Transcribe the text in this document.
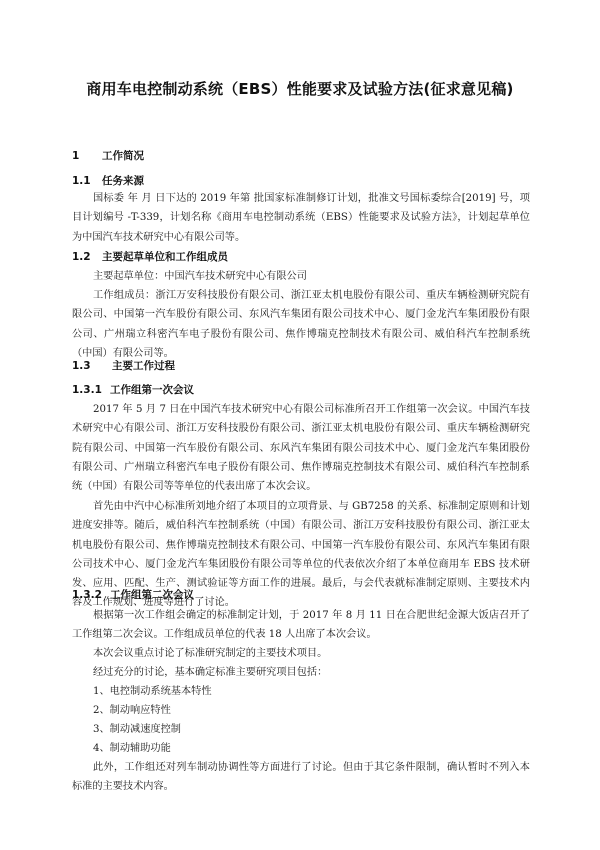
商用车电控制动系统（EBS）性能要求及试验方法(征求意见稿)
1 工作简况
1.1 任务来源
国标委 年 月 日下达的 2019 年第 批国家标准制修订计划，批准文号国标委综合[2019] 号，项目计划编号 -T-339，计划名称《商用车电控制动系统（EBS）性能要求及试验方法》，计划起草单位为中国汽车技术研究中心有限公司等。
1.2 主要起草单位和工作组成员
主要起草单位：中国汽车技术研究中心有限公司
工作组成员：浙江万安科技股份有限公司、浙江亚太机电股份有限公司、重庆车辆检测研究院有限公司、中国第一汽车股份有限公司、东风汽车集团有限公司技术中心、厦门金龙汽车集团股份有限公司、广州瑞立科密汽车电子股份有限公司、焦作博瑞克控制技术有限公司、威伯科汽车控制系统（中国）有限公司等。
1.3 主要工作过程
1.3.1 工作组第一次会议
2017 年 5 月 7 日在中国汽车技术研究中心有限公司标准所召开工作组第一次会议。中国汽车技术研究中心有限公司、浙江万安科技股份有限公司、浙江亚太机电股份有限公司、重庆车辆检测研究院有限公司、中国第一汽车股份有限公司、东风汽车集团有限公司技术中心、厦门金龙汽车集团股份有限公司、广州瑞立科密汽车电子股份有限公司、焦作博瑞克控制技术有限公司、威伯科汽车控制系统（中国）有限公司等等单位的代表出席了本次会议。
首先由中汽中心标准所刘地介绍了本项目的立项背景、与 GB7258 的关系、标准制定原则和计划进度安排等。随后，威伯科汽车控制系统（中国）有限公司、浙江万安科技股份有限公司、浙江亚太机电股份有限公司、焦作博瑞克控制技术有限公司、中国第一汽车股份有限公司、东风汽车集团有限公司技术中心、厦门金龙汽车集团股份有限公司等单位的代表依次介绍了本单位商用车 EBS 技术研发、应用、匹配、生产、测试验证等方面工作的进展。最后，与会代表就标准制定原则、主要技术内容及工作规划、进度等进行了讨论。
1.3.2 工作组第二次会议
根据第一次工作组会确定的标准制定计划，于 2017 年 8 月 11 日在合肥世纪金源大饭店召开了工作组第二次会议。工作组成员单位的代表 18 人出席了本次会议。
本次会议重点讨论了标准研究制定的主要技术项目。
经过充分的讨论，基本确定标准主要研究项目包括：
1、电控制动系统基本特性
2、制动响应特性
3、制动减速度控制
4、制动辅助功能
此外，工作组还对列车制动协调性等方面进行了讨论。但由于其它条件限制，确认暂时不列入本标准的主要技术内容。
